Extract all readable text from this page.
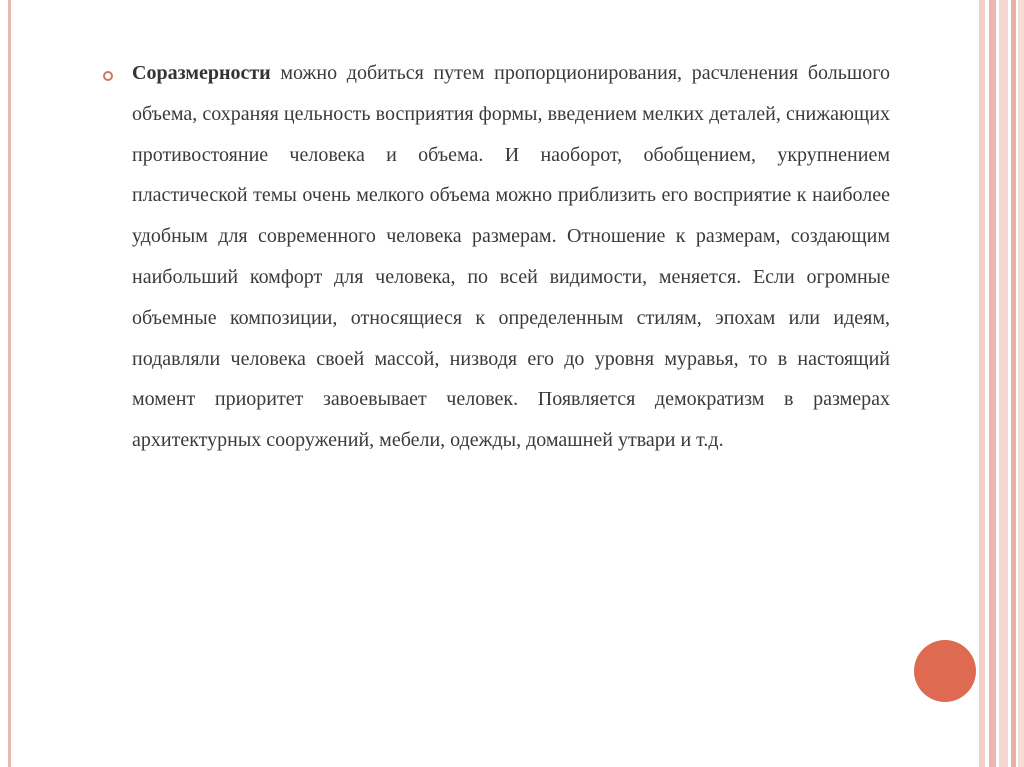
Соразмерности можно добиться путем пропорционирования, расчленения большого объема, сохраняя цельность восприятия формы, введением мелких деталей, снижающих противостояние человека и объема. И наоборот, обобщением, укрупнением пластической темы очень мелкого объема можно приблизить его восприятие к наиболее удобным для современного человека размерам. Отношение к размерам, создающим наибольший комфорт для человека, по всей видимости, меняется. Если огромные объемные композиции, относящиеся к определенным стилям, эпохам или идеям, подавляли человека своей массой, низводя его до уровня муравья, то в настоящий момент приоритет завоевывает человек. Появляется демократизм в размерах архитектурных сооружений, мебели, одежды, домашней утвари и т.д.
